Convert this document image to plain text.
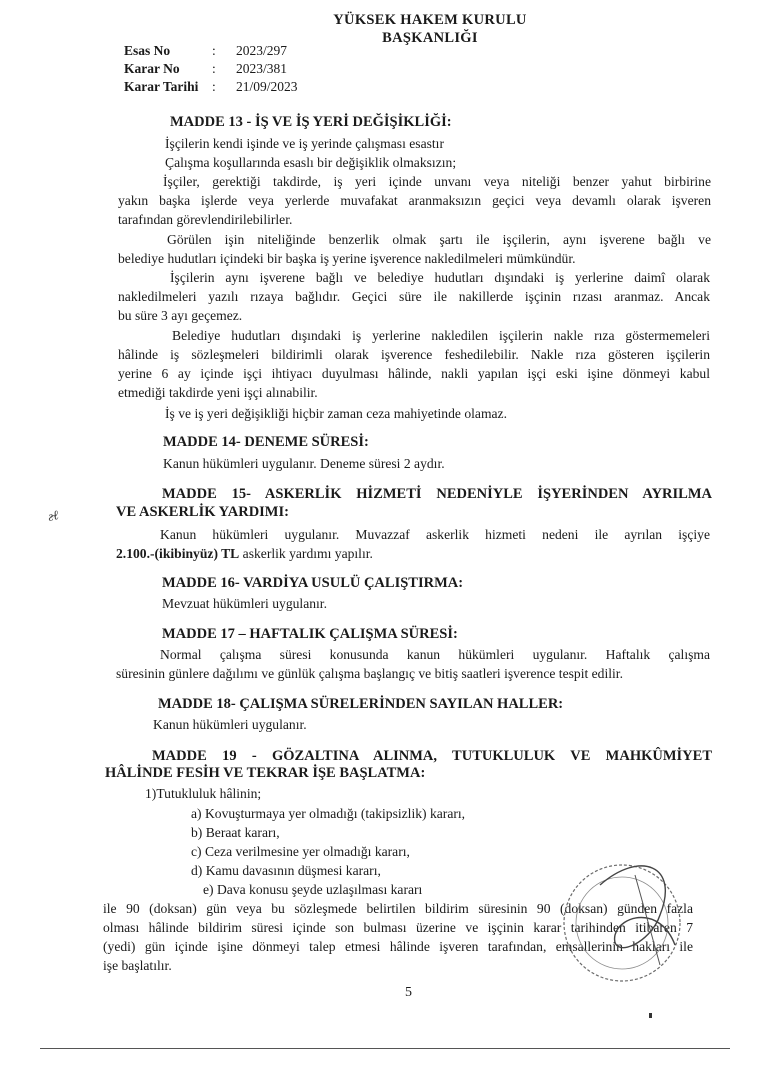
YÜKSEK HAKEM KURULU
BAŞKANLIĞI
Esas No	: 2023/297
Karar No : 2023/381
Karar Tarihi : 21/09/2023
MADDE 13 - İŞ VE İŞ YERİ DEĞİŞİKLİĞİ:
İşçilerin kendi işinde ve iş yerinde çalışması esastır
Çalışma koşullarında esaslı bir değişiklik olmaksızın;
İşçiler, gerektiği takdirde, iş yeri içinde unvanı veya niteliği benzer yahut birbirine
yakın başka işlerde veya yerlerde muvafakat aranmaksızın geçici veya devamlı olarak işveren
tarafından görevlendirilebilirler.
Görülen işin niteliğinde benzerlik olmak şartı ile işçilerin, aynı işverene bağlı ve
belediye hudutları içindeki bir başka iş yerine işverence nakledilmeleri mümkündür.
İşçilerin aynı işverene bağlı ve belediye hudutları dışındaki iş yerlerine daimî olarak
nakledilmeleri yazılı rızaya bağlıdır. Geçici süre ile nakillerde işçinin rızası aranmaz. Ancak
bu süre 3 ayı geçemez.
Belediye hudutları dışındaki iş yerlerine nakledilen işçilerin nakle rıza göstermemeleri
hâlinde iş sözleşmeleri bildirimli olarak işverence feshedilebilir. Nakle rıza gösteren işçilerin
yerine 6 ay içinde işçi ihtiyacı duyulması hâlinde, nakli yapılan işçi eski işine dönmeyi kabul
etmediği takdirde yeni işçi alınabilir.
İş ve iş yeri değişikliği hiçbir zaman ceza mahiyetinde olamaz.
MADDE 14- DENEME SÜRESİ:
Kanun hükümleri uygulanır. Deneme süresi 2 aydır.
MADDE 15- ASKERLİK HİZMETİ NEDENİYLE İŞYERİNDEN AYRILMA
VE ASKERLİK YARDIMI:
Kanun hükümleri uygulanır. Muvazzaf askerlik hizmeti nedeni ile ayrılan işçiye
2.100.-(ikibinyüz) TL askerlik yardımı yapılır.
ƨ̶ℓ
MADDE 16- VARDİYA USULÜ ÇALIŞTIRMA:
Mevzuat hükümleri uygulanır.
MADDE 17 – HAFTALIK ÇALIŞMA SÜRESİ:
Normal çalışma süresi konusunda kanun hükümleri uygulanır. Haftalık çalışma
süresinin günlere dağılımı ve günlük çalışma başlangıç ve bitiş saatleri işverence tespit edilir.
MADDE 18- ÇALIŞMA SÜRELERİNDEN SAYILAN HALLER:
Kanun hükümleri uygulanır.
MADDE 19 - GÖZALTINA ALINMA, TUTUKLULUK VE MAHKÛMİYET
HÂLİNDE FESİH VE TEKRAR İŞE BAŞLATMA:
1)Tutukluluk hâlinin;
a) Kovuşturmaya yer olmadığı (takipsizlik) kararı,
b) Beraat kararı,
c) Ceza verilmesine yer olmadığı kararı,
d) Kamu davasının düşmesi kararı,
e) Dava konusu şeyde uzlaşılması kararı
ile 90 (doksan) gün veya bu sözleşmede belirtilen bildirim süresinin 90 (doksan) günden fazla
olması hâlinde bildirim süresi içinde son bulması üzerine ve işçinin karar tarihinden itibaren 7
(yedi) gün içinde işine dönmeyi talep etmesi hâlinde işveren tarafından, emsallerinin hakları ile
işe başlatılır.
5
